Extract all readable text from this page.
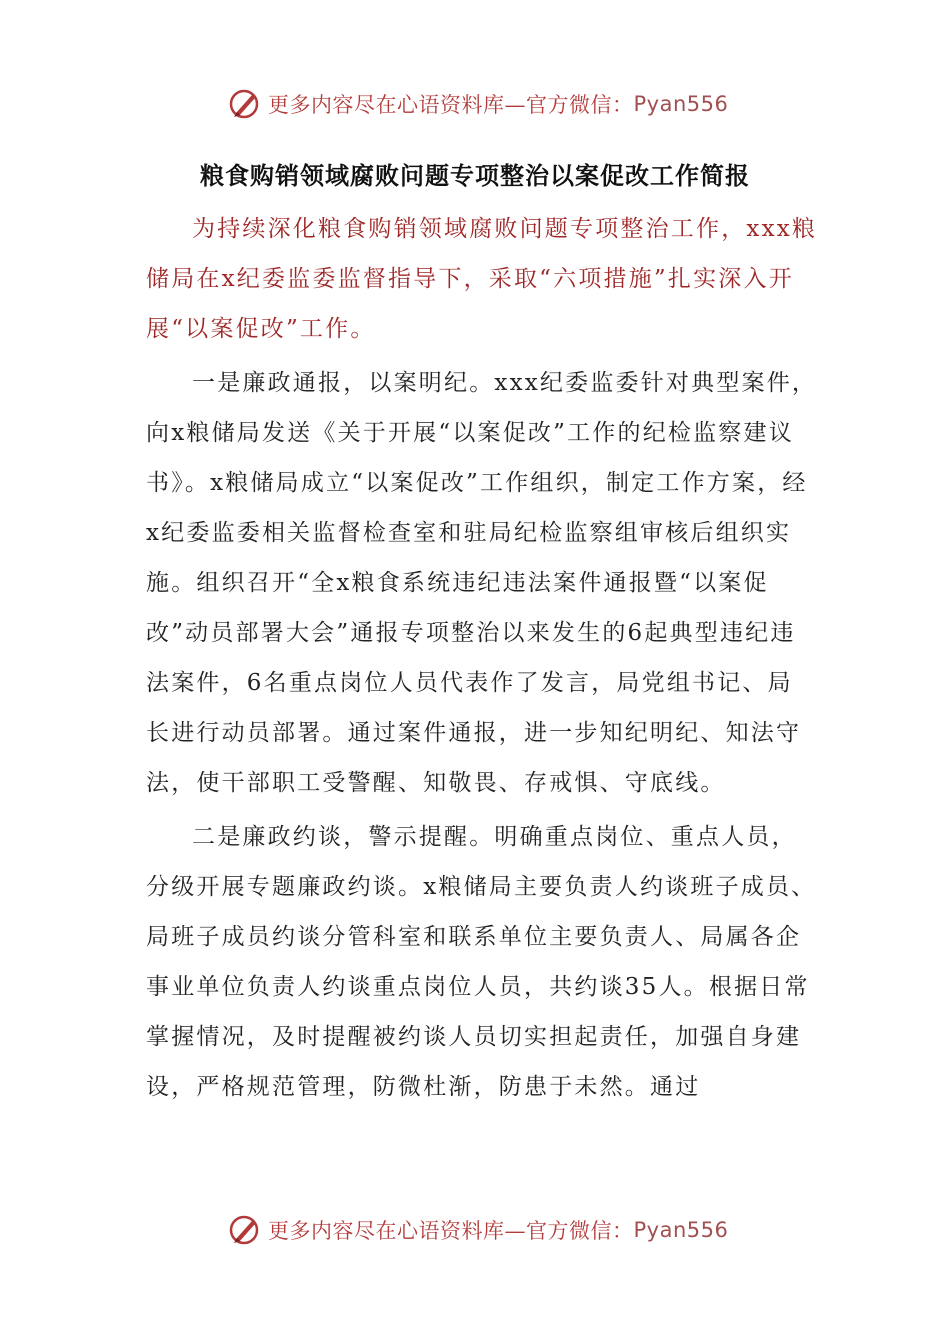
更多内容尽在心语资料库—官方微信： Pyan556
粮食购销领域腐败问题专项整治以案促改工作简报

为持续深化粮食购销领域腐败问题专项整治工作，xxx粮储局在x纪委监委监督指导下，采取“六项措施”扎实深入开展“以案促改”工作。

一是廉政通报，以案明纪。xxx纪委监委针对典型案件，向x粮储局发送《关于开展“以案促改”工作的纪检监察建议书》。x粮储局成立“以案促改”工作组织，制定工作方案，经x纪委监委相关监督检查室和驻局纪检监察组审核后组织实施。组织召开“全x粮食系统违纪违法案件通报暨“以案促改”动员部署大会”通报专项整治以来发生的6起典型违纪违法案件，6名重点岗位人员代表作了发言，局党组书记、局长进行动员部署。通过案件通报，进一步知纪明纪、知法守法，使干部职工受警醒、知敬畏、存戒惧、守底线。

二是廉政约谈，警示提醒。明确重点岗位、重点人员，分级开展专题廉政约谈。x粮储局主要负责人约谈班子成员、局班子成员约谈分管科室和联系单位主要负责人、局属各企事业单位负责人约谈重点岗位人员，共约谈35人。根据日常掌握情况，及时提醒被约谈人员切实担起责任，加强自身建设，严格规范管理，防微杜渐，防患于未然。通过

更多内容尽在心语资料库—官方微信： Pyan556
